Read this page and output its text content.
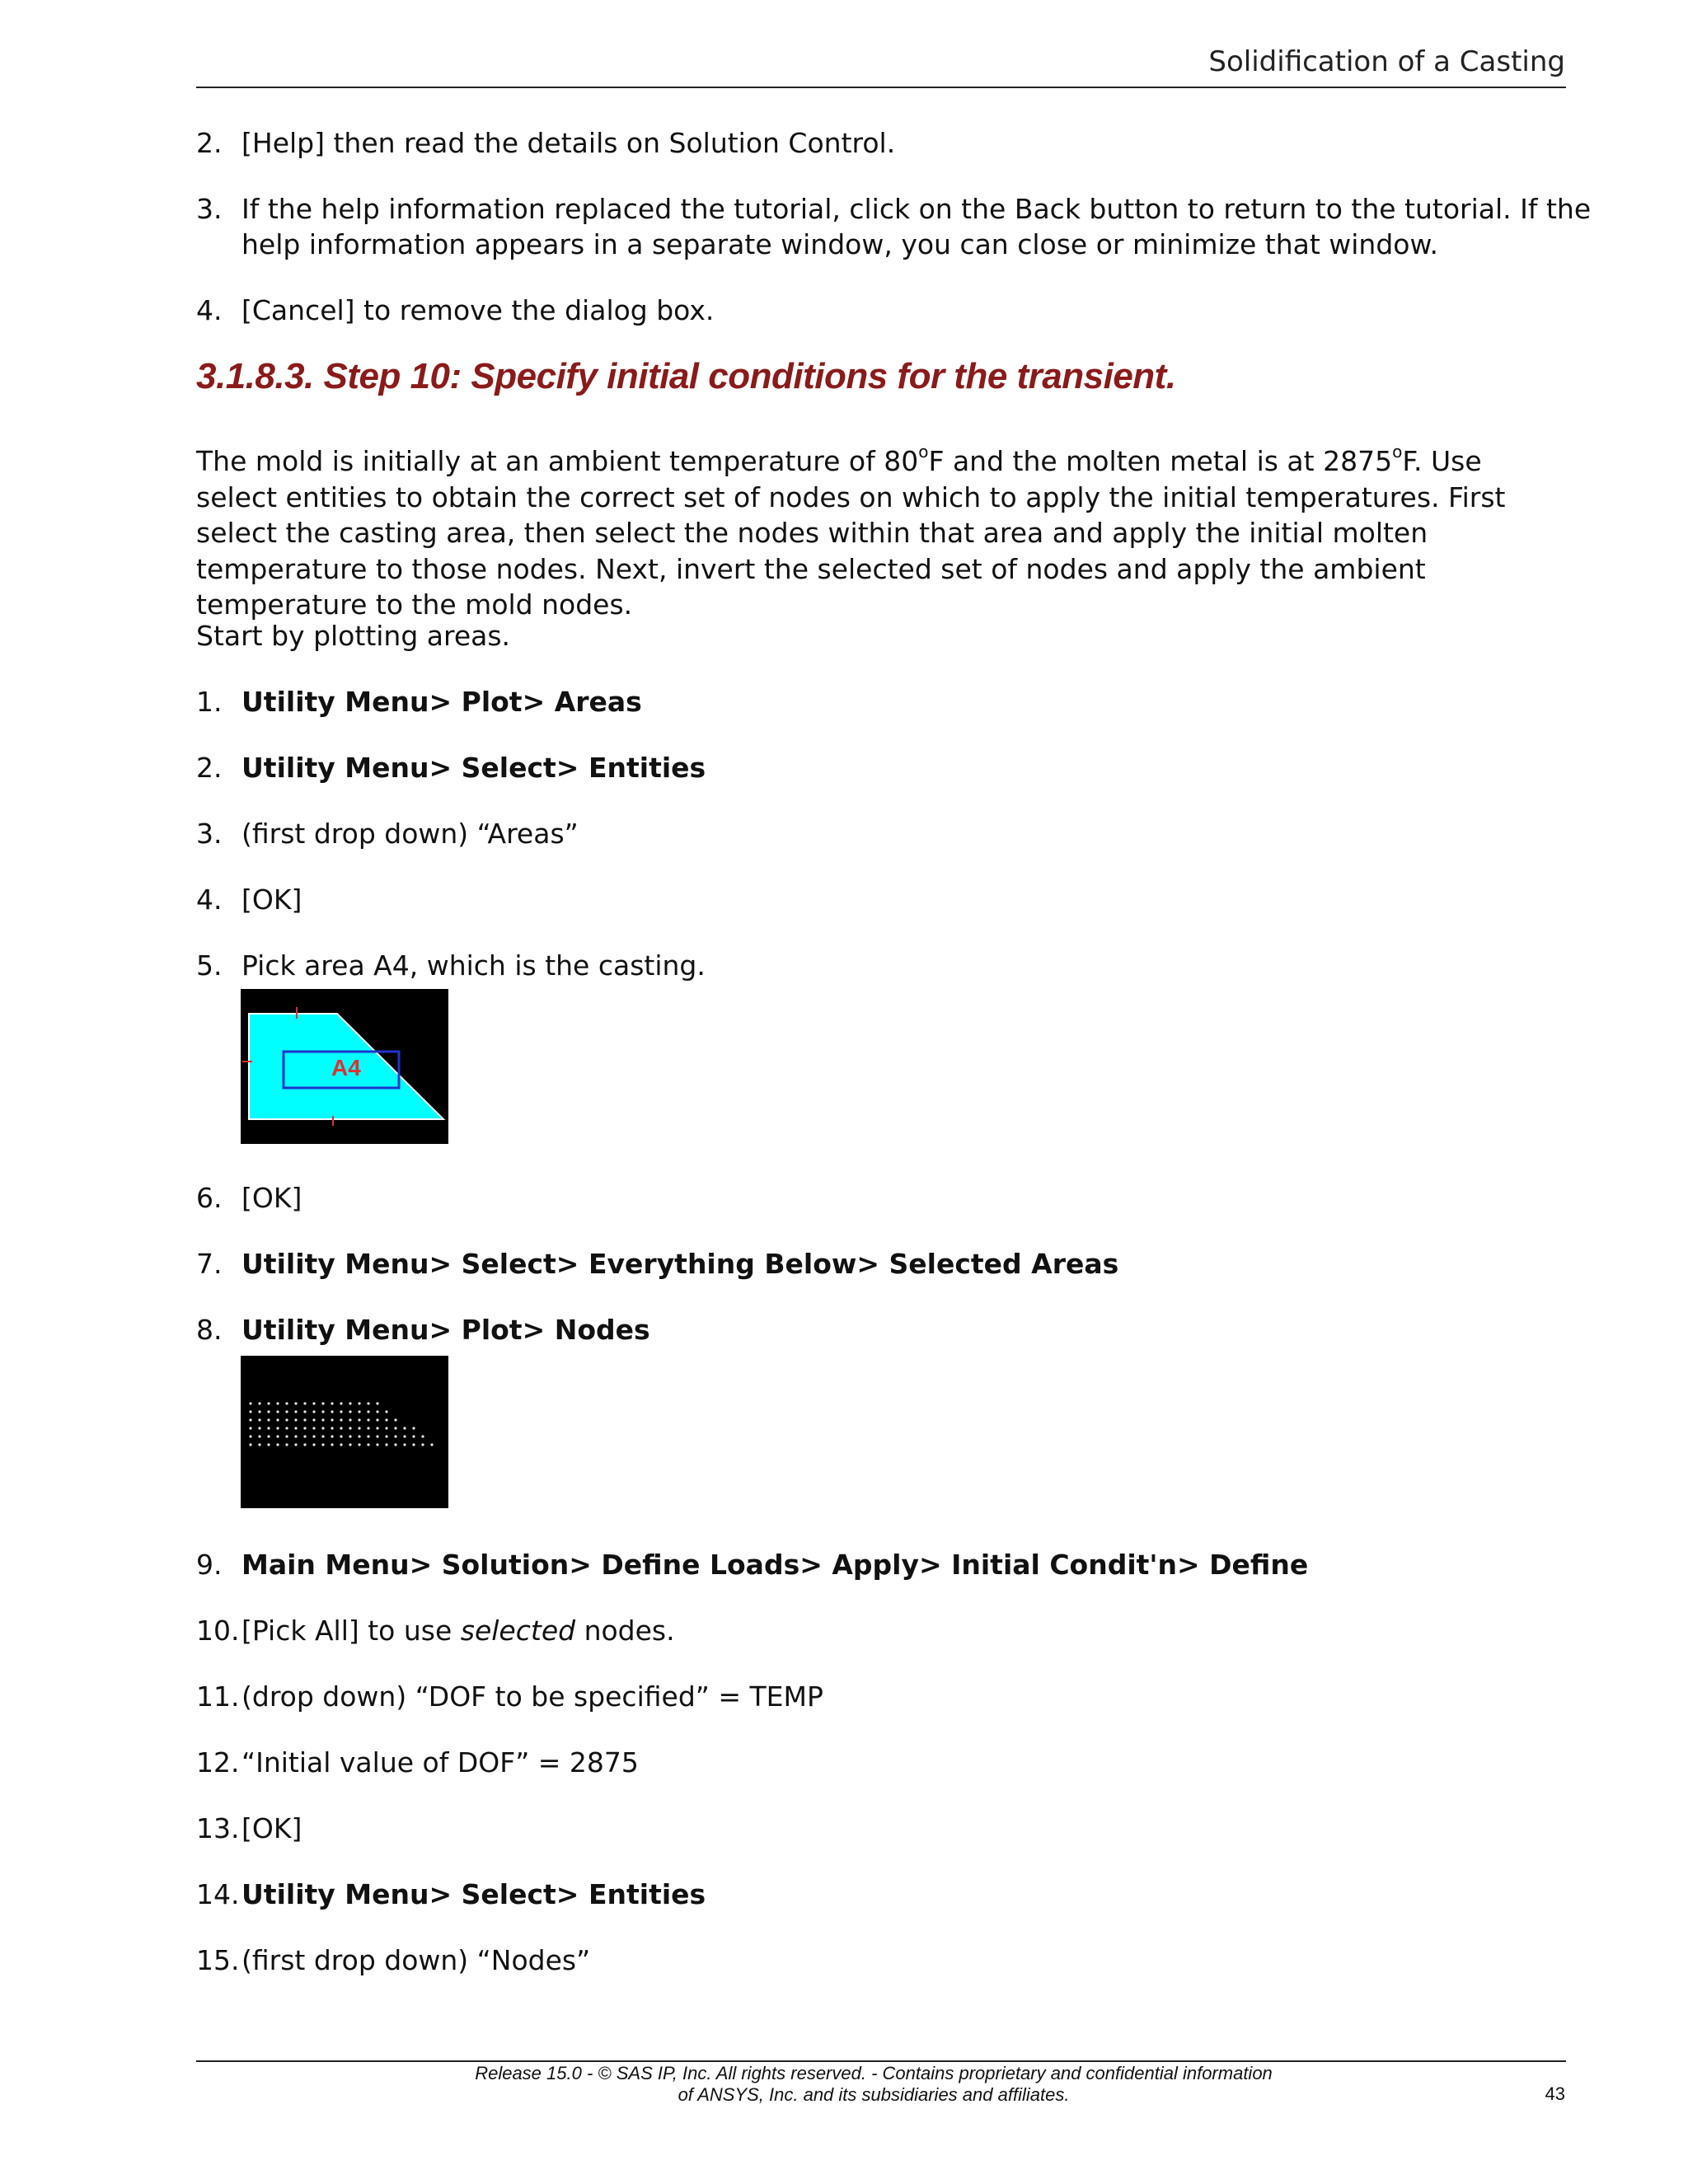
Solidification of a Casting
2. [Help] then read the details on Solution Control.
3. If the help information replaced the tutorial, click on the Back button to return to the tutorial. If the help information appears in a separate window, you can close or minimize that window.
4. [Cancel] to remove the dialog box.
3.1.8.3. Step 10: Specify initial conditions for the transient.
The mold is initially at an ambient temperature of 80$^o$F and the molten metal is at 2875$^o$F. Use select entities to obtain the correct set of nodes on which to apply the initial temperatures. First select the casting area, then select the nodes within that area and apply the initial molten temperature to those nodes. Next, invert the selected set of nodes and apply the ambient temperature to the mold nodes.
Start by plotting areas.
1. Utility Menu> Plot> Areas
2. Utility Menu> Select> Entities
3. (first drop down) “Areas”
4. [OK]
5. Pick area A4, which is the casting.
A4
6. [OK]
7. Utility Menu> Select> Everything Below> Selected Areas
8. Utility Menu> Plot> Nodes
9. Main Menu> Solution> Define Loads> Apply> Initial Condit'n> Define
10.[Pick All] to use selected nodes.
11.(drop down) “DOF to be specified” = TEMP
12.“Initial value of DOF” = 2875
13.[OK]
14.Utility Menu> Select> Entities
15.(first drop down) “Nodes”
Release 15.0 - © SAS IP, Inc. All rights reserved. - Contains proprietary and confidential information
of ANSYS, Inc. and its subsidiaries and affiliates.	43
